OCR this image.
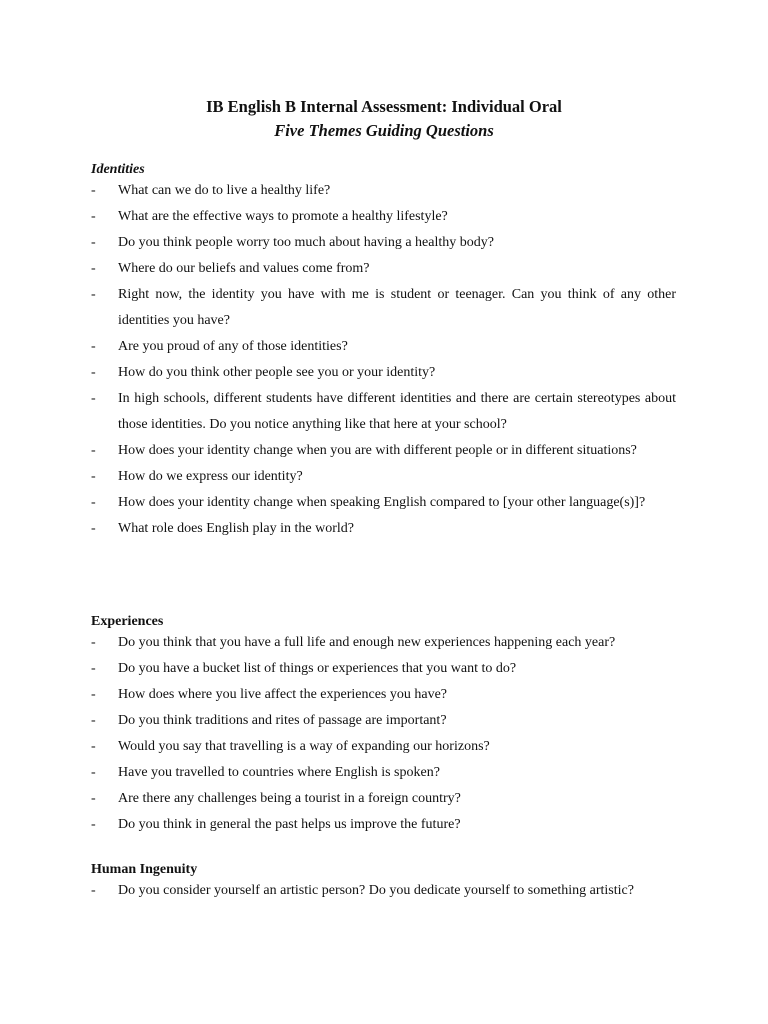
IB English B Internal Assessment: Individual Oral
Five Themes Guiding Questions
Identities
- What can we do to live a healthy life?
- What are the effective ways to promote a healthy lifestyle?
- Do you think people worry too much about having a healthy body?
- Where do our beliefs and values come from?
- Right now, the identity you have with me is student or teenager. Can you think of any other identities you have?
- Are you proud of any of those identities?
- How do you think other people see you or your identity?
- In high schools, different students have different identities and there are certain stereotypes about those identities. Do you notice anything like that here at your school?
- How does your identity change when you are with different people or in different situations?
- How do we express our identity?
- How does your identity change when speaking English compared to [your other language(s)]?
- What role does English play in the world?
Experiences
- Do you think that you have a full life and enough new experiences happening each year?
- Do you have a bucket list of things or experiences that you want to do?
- How does where you live affect the experiences you have?
- Do you think traditions and rites of passage are important?
- Would you say that travelling is a way of expanding our horizons?
- Have you travelled to countries where English is spoken?
- Are there any challenges being a tourist in a foreign country?
- Do you think in general the past helps us improve the future?
Human Ingenuity
- Do you consider yourself an artistic person? Do you dedicate yourself to something artistic?
